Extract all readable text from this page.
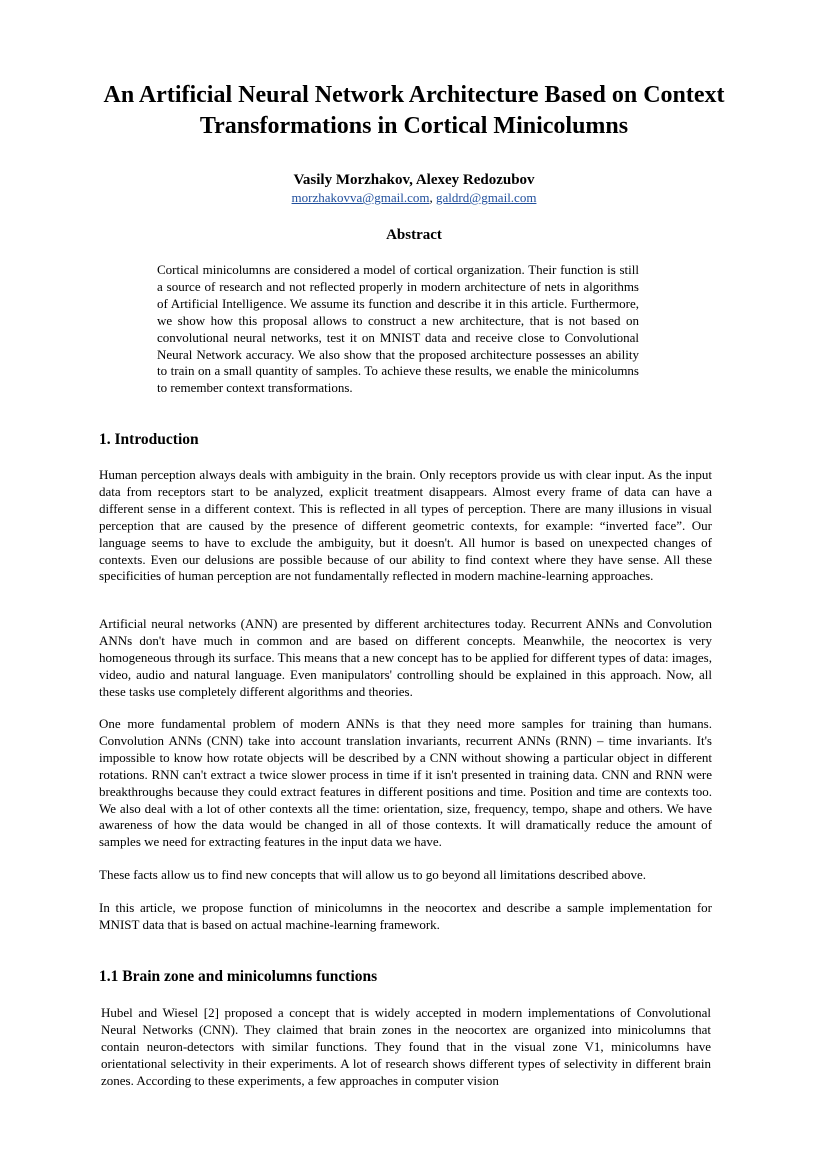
An Artificial Neural Network Architecture Based on Context Transformations in Cortical Minicolumns
Vasily Morzhakov, Alexey Redozubov
morzhakovva@gmail.com, galdrd@gmail.com
Abstract

Cortical minicolumns are considered a model of cortical organization. Their function is still a source of research and not reflected properly in modern architecture of nets in algorithms of Artificial Intelligence. We assume its function and describe it in this article. Furthermore, we show how this proposal allows to construct a new architecture, that is not based on convolutional neural networks, test it on MNIST data and receive close to Convolutional Neural Network accuracy. We also show that the proposed architecture possesses an ability to train on a small quantity of samples. To achieve these results, we enable the minicolumns to remember context transformations.

1. Introduction

Human perception always deals with ambiguity in the brain. Only receptors provide us with clear input. As the input data from receptors start to be analyzed, explicit treatment disappears. Almost every frame of data can have a different sense in a different context. This is reflected in all types of perception. There are many illusions in visual perception that are caused by the presence of different geometric contexts, for example: “inverted face”. Our language seems to have to exclude the ambiguity, but it doesn't. All humor is based on unexpected changes of contexts. Even our delusions are possible because of our ability to find context where they have sense. All these specificities of human perception are not fundamentally reflected in modern machine-learning approaches.

Artificial neural networks (ANN) are presented by different architectures today. Recurrent ANNs and Convolution ANNs don't have much in common and are based on different concepts. Meanwhile, the neocortex is very homogeneous through its surface. This means that a new concept has to be applied for different types of data: images, video, audio and natural language. Even manipulators' controlling should be explained in this approach. Now, all these tasks use completely different algorithms and theories.

One more fundamental problem of modern ANNs is that they need more samples for training than humans. Convolution ANNs (CNN) take into account translation invariants, recurrent ANNs (RNN) – time invariants. It's impossible to know how rotate objects will be described by a CNN without showing a particular object in different rotations. RNN can't extract a twice slower process in time if it isn't presented in training data. CNN and RNN were breakthroughs because they could extract features in different positions and time. Position and time are contexts too. We also deal with a lot of other contexts all the time: orientation, size, frequency, tempo, shape and others. We have awareness of how the data would be changed in all of those contexts. It will dramatically reduce the amount of samples we need for extracting features in the input data we have.

These facts allow us to find new concepts that will allow us to go beyond all limitations described above.

In this article, we propose function of minicolumns in the neocortex and describe a sample implementation for MNIST data that is based on actual machine-learning framework.

1.1 Brain zone and minicolumns functions

Hubel and Wiesel [2] proposed a concept that is widely accepted in modern implementations of Convolutional Neural Networks (CNN). They claimed that brain zones in the neocortex are organized into minicolumns that contain neuron-detectors with similar functions. They found that in the visual zone V1, minicolumns have orientational selectivity in their experiments. A lot of research shows different types of selectivity in different brain zones. According to these experiments, a few approaches in computer vision
